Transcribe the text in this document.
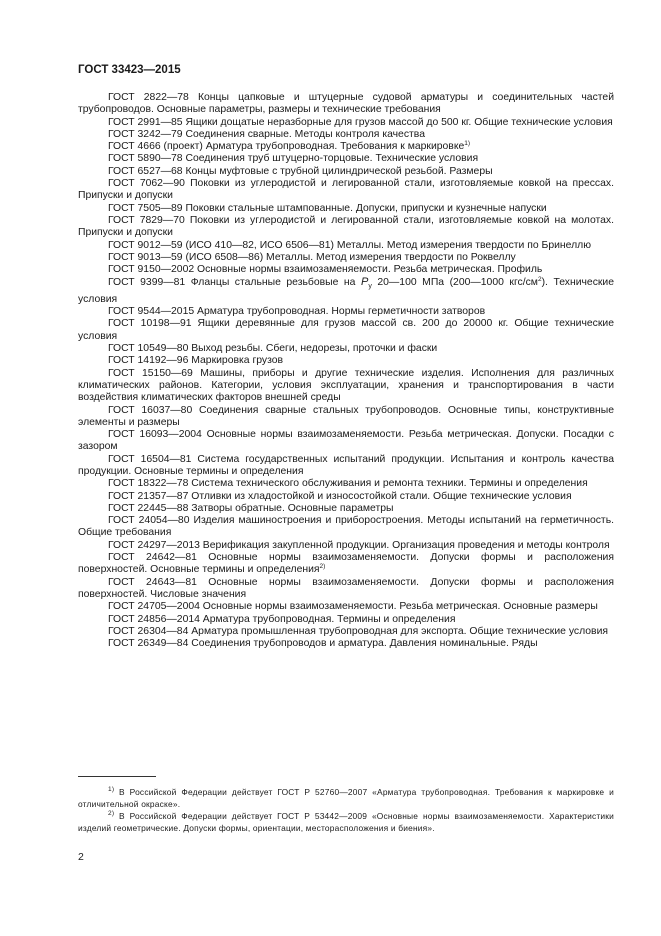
ГОСТ 33423—2015
ГОСТ 2822—78 Концы цапковые и штуцерные судовой арматуры и соединительных частей трубопроводов. Основные параметры, размеры и технические требования
ГОСТ 2991—85 Ящики дощатые неразборные для грузов массой до 500 кг. Общие технические условия
ГОСТ 3242—79 Соединения сварные. Методы контроля качества
ГОСТ 4666 (проект) Арматура трубопроводная. Требования к маркировке$^{1)}$
ГОСТ 5890—78 Соединения труб штуцерно-торцовые. Технические условия
ГОСТ 6527—68 Концы муфтовые с трубной цилиндрической резьбой. Размеры
ГОСТ 7062—90 Поковки из углеродистой и легированной стали, изготовляемые ковкой на прессах. Припуски и допуски
ГОСТ 7505—89 Поковки стальные штампованные. Допуски, припуски и кузнечные напуски
ГОСТ 7829—70 Поковки из углеродистой и легированной стали, изготовляемые ковкой на молотах. Припуски и допуски
ГОСТ 9012—59 (ИСО 410—82, ИСО 6506—81) Металлы. Метод измерения твердости по Бринеллю
ГОСТ 9013—59 (ИСО 6508—86) Металлы. Метод измерения твердости по Роквеллу
ГОСТ 9150—2002 Основные нормы взаимозаменяемости. Резьба метрическая. Профиль
ГОСТ 9399—81 Фланцы стальные резьбовые на $P_y$ 20—100 МПа (200—1000 кгс/$см^2$). Технические условия
ГОСТ 9544—2015 Арматура трубопроводная. Нормы герметичности затворов
ГОСТ 10198—91 Ящики деревянные для грузов массой св. 200 до 20000 кг. Общие технические условия
ГОСТ 10549—80 Выход резьбы. Сбеги, недорезы, проточки и фаски
ГОСТ 14192—96 Маркировка грузов
ГОСТ 15150—69 Машины, приборы и другие технические изделия. Исполнения для различных климатических районов. Категории, условия эксплуатации, хранения и транспортирования в части воздействия климатических факторов внешней среды
ГОСТ 16037—80 Соединения сварные стальных трубопроводов. Основные типы, конструктивные элементы и размеры
ГОСТ 16093—2004 Основные нормы взаимозаменяемости. Резьба метрическая. Допуски. Посадки с зазором
ГОСТ 16504—81 Система государственных испытаний продукции. Испытания и контроль качества продукции. Основные термины и определения
ГОСТ 18322—78 Система технического обслуживания и ремонта техники. Термины и определения
ГОСТ 21357—87 Отливки из хладостойкой и износостойкой стали. Общие технические условия
ГОСТ 22445—88 Затворы обратные. Основные параметры
ГОСТ 24054—80 Изделия машиностроения и приборостроения. Методы испытаний на герметичность. Общие требования
ГОСТ 24297—2013 Верификация закупленной продукции. Организация проведения и методы контроля
ГОСТ 24642—81 Основные нормы взаимозаменяемости. Допуски формы и расположения поверхностей. Основные термины и определения$^{2)}$
ГОСТ 24643—81 Основные нормы взаимозаменяемости. Допуски формы и расположения поверхностей. Числовые значения
ГОСТ 24705—2004 Основные нормы взаимозаменяемости. Резьба метрическая. Основные размеры
ГОСТ 24856—2014 Арматура трубопроводная. Термины и определения
ГОСТ 26304—84 Арматура промышленная трубопроводная для экспорта. Общие технические условия
ГОСТ 26349—84 Соединения трубопроводов и арматура. Давления номинальные. Ряды
$^{1)}$ В Российской Федерации действует ГОСТ Р 52760—2007 «Арматура трубопроводная. Требования к маркировке и отличительной окраске».
$^{2)}$ В Российской Федерации действует ГОСТ Р 53442—2009 «Основные нормы взаимозаменяемости. Характеристики изделий геометрические. Допуски формы, ориентации, месторасположения и биения».
2
